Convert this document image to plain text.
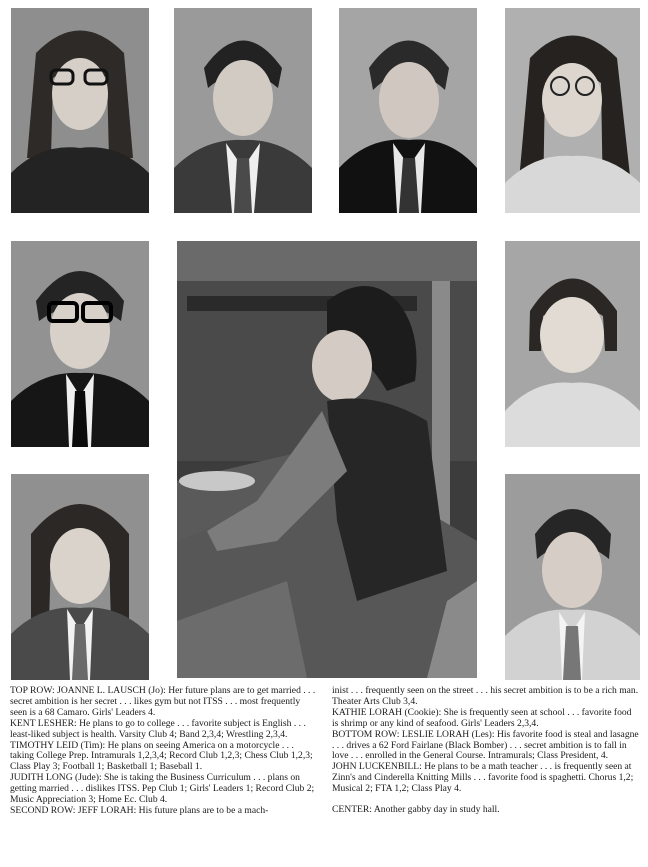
TOP ROW: JOANNE L. LAUSCH (Jo): Her future plans are to get married . . . secret ambition is her secret . . . likes gym but not ITSS . . . most frequently seen is a 68 Camaro. Girls' Leaders 4.

KENT LESHER: He plans to go to college . . . favorite subject is English . . . least-liked subject is health. Varsity Club 4; Band 2,3,4; Wrestling 2,3,4.

TIMOTHY LEID (Tim): He plans on seeing America on a motorcycle . . . taking College Prep. Intramurals 1,2,3,4; Record Club 1,2,3; Chess Club 1,2,3; Class Play 3; Football 1; Basketball 1; Baseball 1.

JUDITH LONG (Jude): She is taking the Business Curriculum . . . plans on getting married . . . dislikes ITSS. Pep Club 1; Girls' Leaders 1; Record Club 2; Music Appreciation 3; Home Ec. Club 4.

SECOND ROW: JEFF LORAH: His future plans are to be a mach-

inist . . . frequently seen on the street . . . his secret ambition is to be a rich man. Theater Arts Club 3,4.

KATHIE LORAH (Cookie): She is frequently seen at school . . . favorite food is shrimp or any kind of seafood. Girls' Leaders 2,3,4.

BOTTOM ROW: LESLIE LORAH (Les): His favorite food is steal and lasagne . . . drives a 62 Ford Fairlane (Black Bomber) . . . secret ambition is to fall in love . . . enrolled in the General Course. Intramurals; Class President, 4.

JOHN LUCKENBILL: He plans to be a math teacher . . . is frequently seen at Zinn's and Cinderella Knitting Mills . . . favorite food is spaghetti. Chorus 1,2; Musical 2; FTA 1,2; Class Play 4.

CENTER: Another gabby day in study hall.
